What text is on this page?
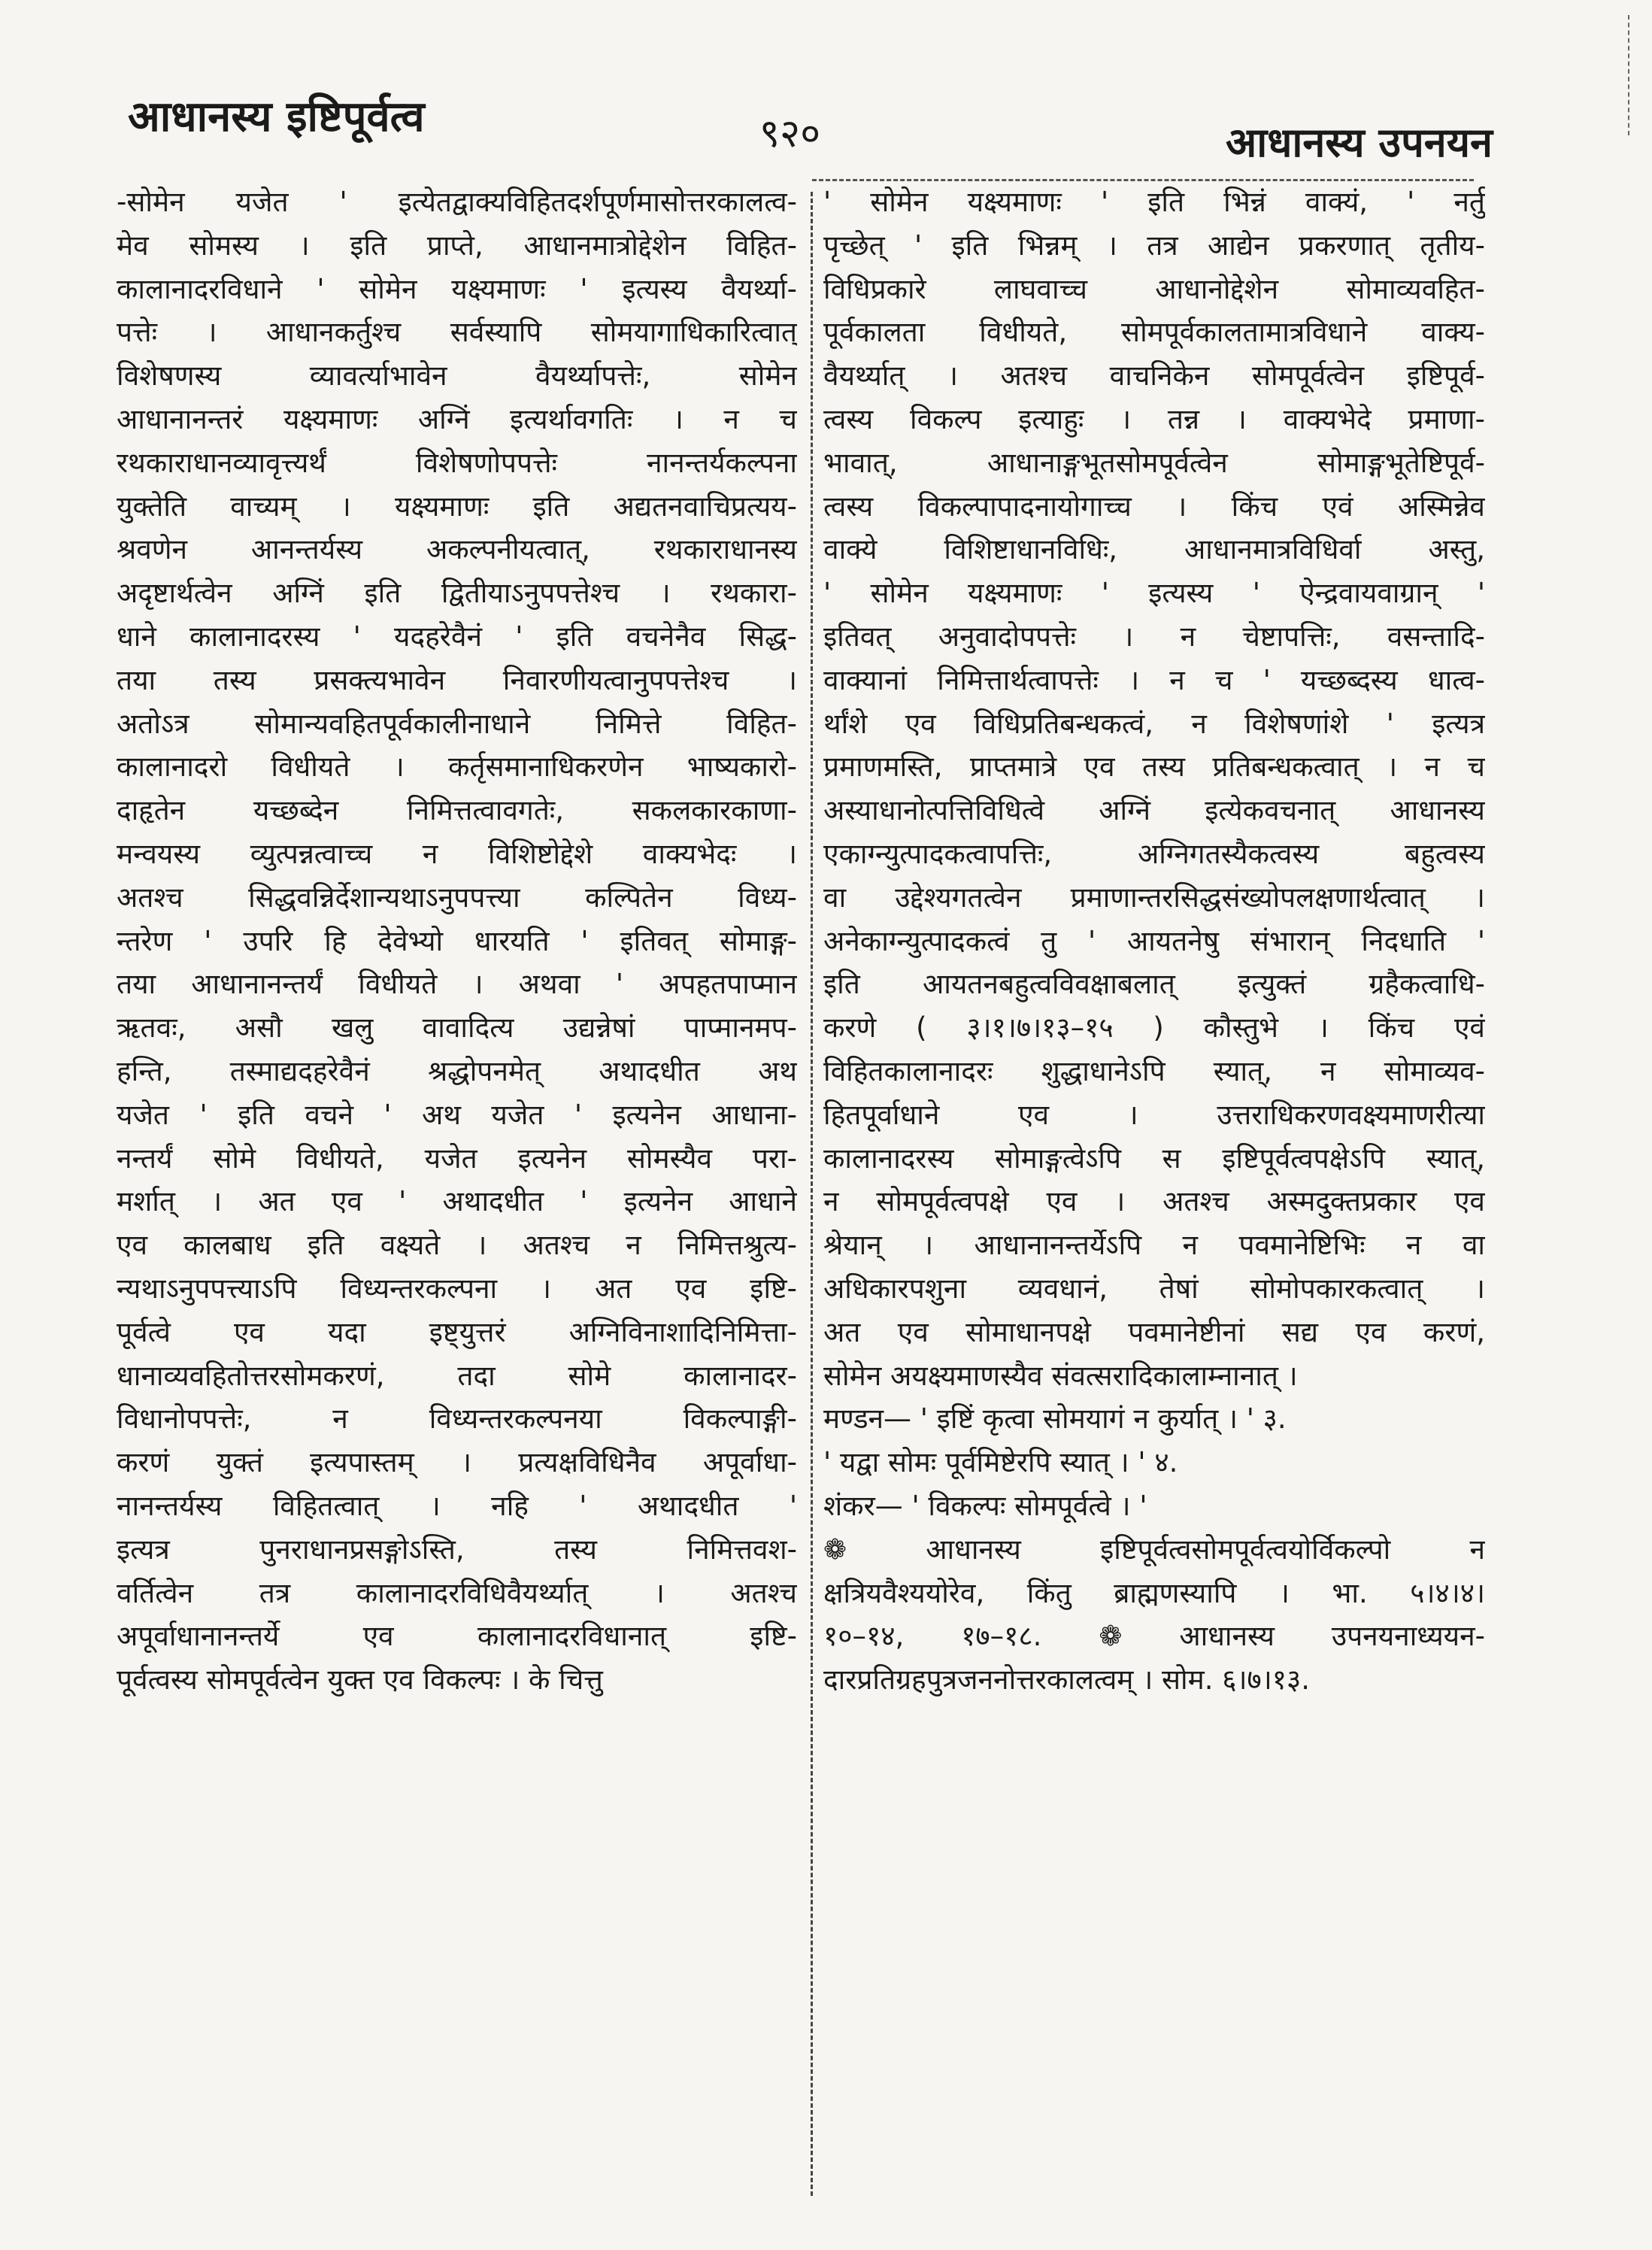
आधानस्य इष्टिपूर्वत्व	९२०	आधानस्य उपनयन
-सोमेन यजेत ' इत्येतद्वाक्यविहितदर्शपूर्णमासोत्तरकालत्व-
मेव सोमस्य । इति प्राप्ते, आधानमात्रोद्देशेन विहित-
कालानादरविधाने ' सोमेन यक्ष्यमाणः ' इत्यस्य वैयर्थ्या-
पत्तेः । आधानकर्तुश्च सर्वस्यापि सोमयागाधिकारित्वात्
विशेषणस्य व्यावर्त्याभावेन वैयर्थ्यापत्तेः, सोमेन
आधानानन्तरं यक्ष्यमाणः अग्निं इत्यर्थावगतिः । न च
रथकाराधानव्यावृत्त्यर्थं विशेषणोपपत्तेः नानन्तर्यकल्पना
युक्तेति वाच्यम् । यक्ष्यमाणः इति अद्यतनवाचिप्रत्यय-
श्रवणेन आनन्तर्यस्य अकल्पनीयत्वात्, रथकाराधानस्य
अदृष्टार्थत्वेन अग्निं इति द्वितीयाऽनुपपत्तेश्च । रथकारा-
धाने कालानादरस्य ' यदहरेवैनं ' इति वचनेनैव सिद्ध-
तया तस्य प्रसक्त्यभावेन निवारणीयत्वानुपपत्तेश्च ।
अतोऽत्र सोमान्यवहितपूर्वकालीनाधाने निमित्ते विहित-
कालानादरो विधीयते । कर्तृसमानाधिकरणेन भाष्यकारो-
दाहृतेन यच्छब्देन निमित्तत्वावगतेः, सकलकारकाणा-
मन्वयस्य व्युत्पन्नत्वाच्च न विशिष्टोद्देशे वाक्यभेदः ।
अतश्च सिद्धवन्निर्देशान्यथाऽनुपपत्त्या कल्पितेन विध्य-
न्तरेण ' उपरि हि देवेभ्यो धारयति ' इतिवत् सोमाङ्ग-
तया आधानानन्तर्यं विधीयते । अथवा ' अपहतपाप्मान
ऋतवः, असौ खलु वावादित्य उद्यन्नेषां पाप्मानमप-
हन्ति, तस्माद्यदहरेवैनं श्रद्धोपनमेत् अथादधीत अथ
यजेत ' इति वचने ' अथ यजेत ' इत्यनेन आधाना-
नन्तर्यं सोमे विधीयते, यजेत इत्यनेन सोमस्यैव परा-
मर्शात् । अत एव ' अथादधीत ' इत्यनेन आधाने
एव कालबाध इति वक्ष्यते । अतश्च न निमित्तश्रुत्य-
न्यथाऽनुपपत्त्याऽपि विध्यन्तरकल्पना । अत एव इष्टि-
पूर्वत्वे एव यदा इष्ट्युत्तरं अग्निविनाशादिनिमित्ता-
धानाव्यवहितोत्तरसोमकरणं, तदा सोमे कालानादर-
विधानोपपत्तेः, न विध्यन्तरकल्पनया विकल्पाङ्गी-
करणं युक्तं इत्यपास्तम् । प्रत्यक्षविधिनैव अपूर्वाधा-
नानन्तर्यस्य विहितत्वात् । नहि ' अथादधीत '
इत्यत्र पुनराधानप्रसङ्गोऽस्ति, तस्य निमित्तवश-
वर्तित्वेन तत्र कालानादरविधिवैयर्थ्यात् । अतश्च
अपूर्वाधानानन्तर्ये एव कालानादरविधानात् इष्टि-
पूर्वत्वस्य सोमपूर्वत्वेन युक्त एव विकल्पः । के चित्तु
' सोमेन यक्ष्यमाणः ' इति भिन्नं वाक्यं, ' नर्तु
पृच्छेत् ' इति भिन्नम् । तत्र आद्येन प्रकरणात् तृतीय-
विधिप्रकारे लाघवाच्च आधानोद्देशेन सोमाव्यवहित-
पूर्वकालता विधीयते, सोमपूर्वकालतामात्रविधाने वाक्य-
वैयर्थ्यात् । अतश्च वाचनिकेन सोमपूर्वत्वेन इष्टिपूर्व-
त्वस्य विकल्प इत्याहुः । तन्न । वाक्यभेदे प्रमाणा-
भावात्, आधानाङ्गभूतसोमपूर्वत्वेन सोमाङ्गभूतेष्टिपूर्व-
त्वस्य विकल्पापादनायोगाच्च । किंच एवं अस्मिन्नेव
वाक्ये विशिष्टाधानविधिः, आधानमात्रविधिर्वा अस्तु,
' सोमेन यक्ष्यमाणः ' इत्यस्य ' ऐन्द्रवायवाग्रान् '
इतिवत् अनुवादोपपत्तेः । न चेष्टापत्तिः, वसन्तादि-
वाक्यानां निमित्तार्थत्वापत्तेः । न च ' यच्छब्दस्य धात्व-
र्थांशे एव विधिप्रतिबन्धकत्वं, न विशेषणांशे ' इत्यत्र
प्रमाणमस्ति, प्राप्तमात्रे एव तस्य प्रतिबन्धकत्वात् । न च
अस्याधानोत्पत्तिविधित्वे अग्निं इत्येकवचनात् आधानस्य
एकाग्न्युत्पादकत्वापत्तिः, अग्निगतस्यैकत्वस्य बहुत्वस्य
वा उद्देश्यगतत्वेन प्रमाणान्तरसिद्धसंख्योपलक्षणार्थत्वात् ।
अनेकाग्न्युत्पादकत्वं तु ' आयतनेषु संभारान् निदधाति '
इति आयतनबहुत्वविवक्षाबलात् इत्युक्तं ग्रहैकत्वाधि-
करणे ( ३।१।७।१३–१५ ) कौस्तुभे । किंच एवं
विहितकालानादरः शुद्धाधानेऽपि स्यात्, न सोमाव्यव-
हितपूर्वाधाने एव । उत्तराधिकरणवक्ष्यमाणरीत्या
कालानादरस्य सोमाङ्गत्वेऽपि स इष्टिपूर्वत्वपक्षेऽपि स्यात्,
न सोमपूर्वत्वपक्षे एव । अतश्च अस्मदुक्तप्रकार एव
श्रेयान् । आधानानन्तर्येऽपि न पवमानेष्टिभिः न वा
अधिकारपशुना व्यवधानं, तेषां सोमोपकारकत्वात् ।
अत एव सोमाधानपक्षे पवमानेष्टीनां सद्य एव करणं,
सोमेन अयक्ष्यमाणस्यैव संवत्सरादिकालाम्नानात् ।
मण्डन— ' इष्टिं कृत्वा सोमयागं न कुर्यात् । ' ३.
' यद्वा सोमः पूर्वमिष्टेरपि स्यात् । ' ४.
शंकर— ' विकल्पः सोमपूर्वत्वे । '
❁ आधानस्य इष्टिपूर्वत्वसोमपूर्वत्वयोर्विकल्पो न
क्षत्रियवैश्ययोरेव, किंतु ब्राह्मणस्यापि । भा. ५।४।४।
१०–१४, १७–१८. ❁ आधानस्य उपनयनाध्ययन-
दारप्रतिग्रहपुत्रजननोत्तरकालत्वम् । सोम. ६।७।१३.
